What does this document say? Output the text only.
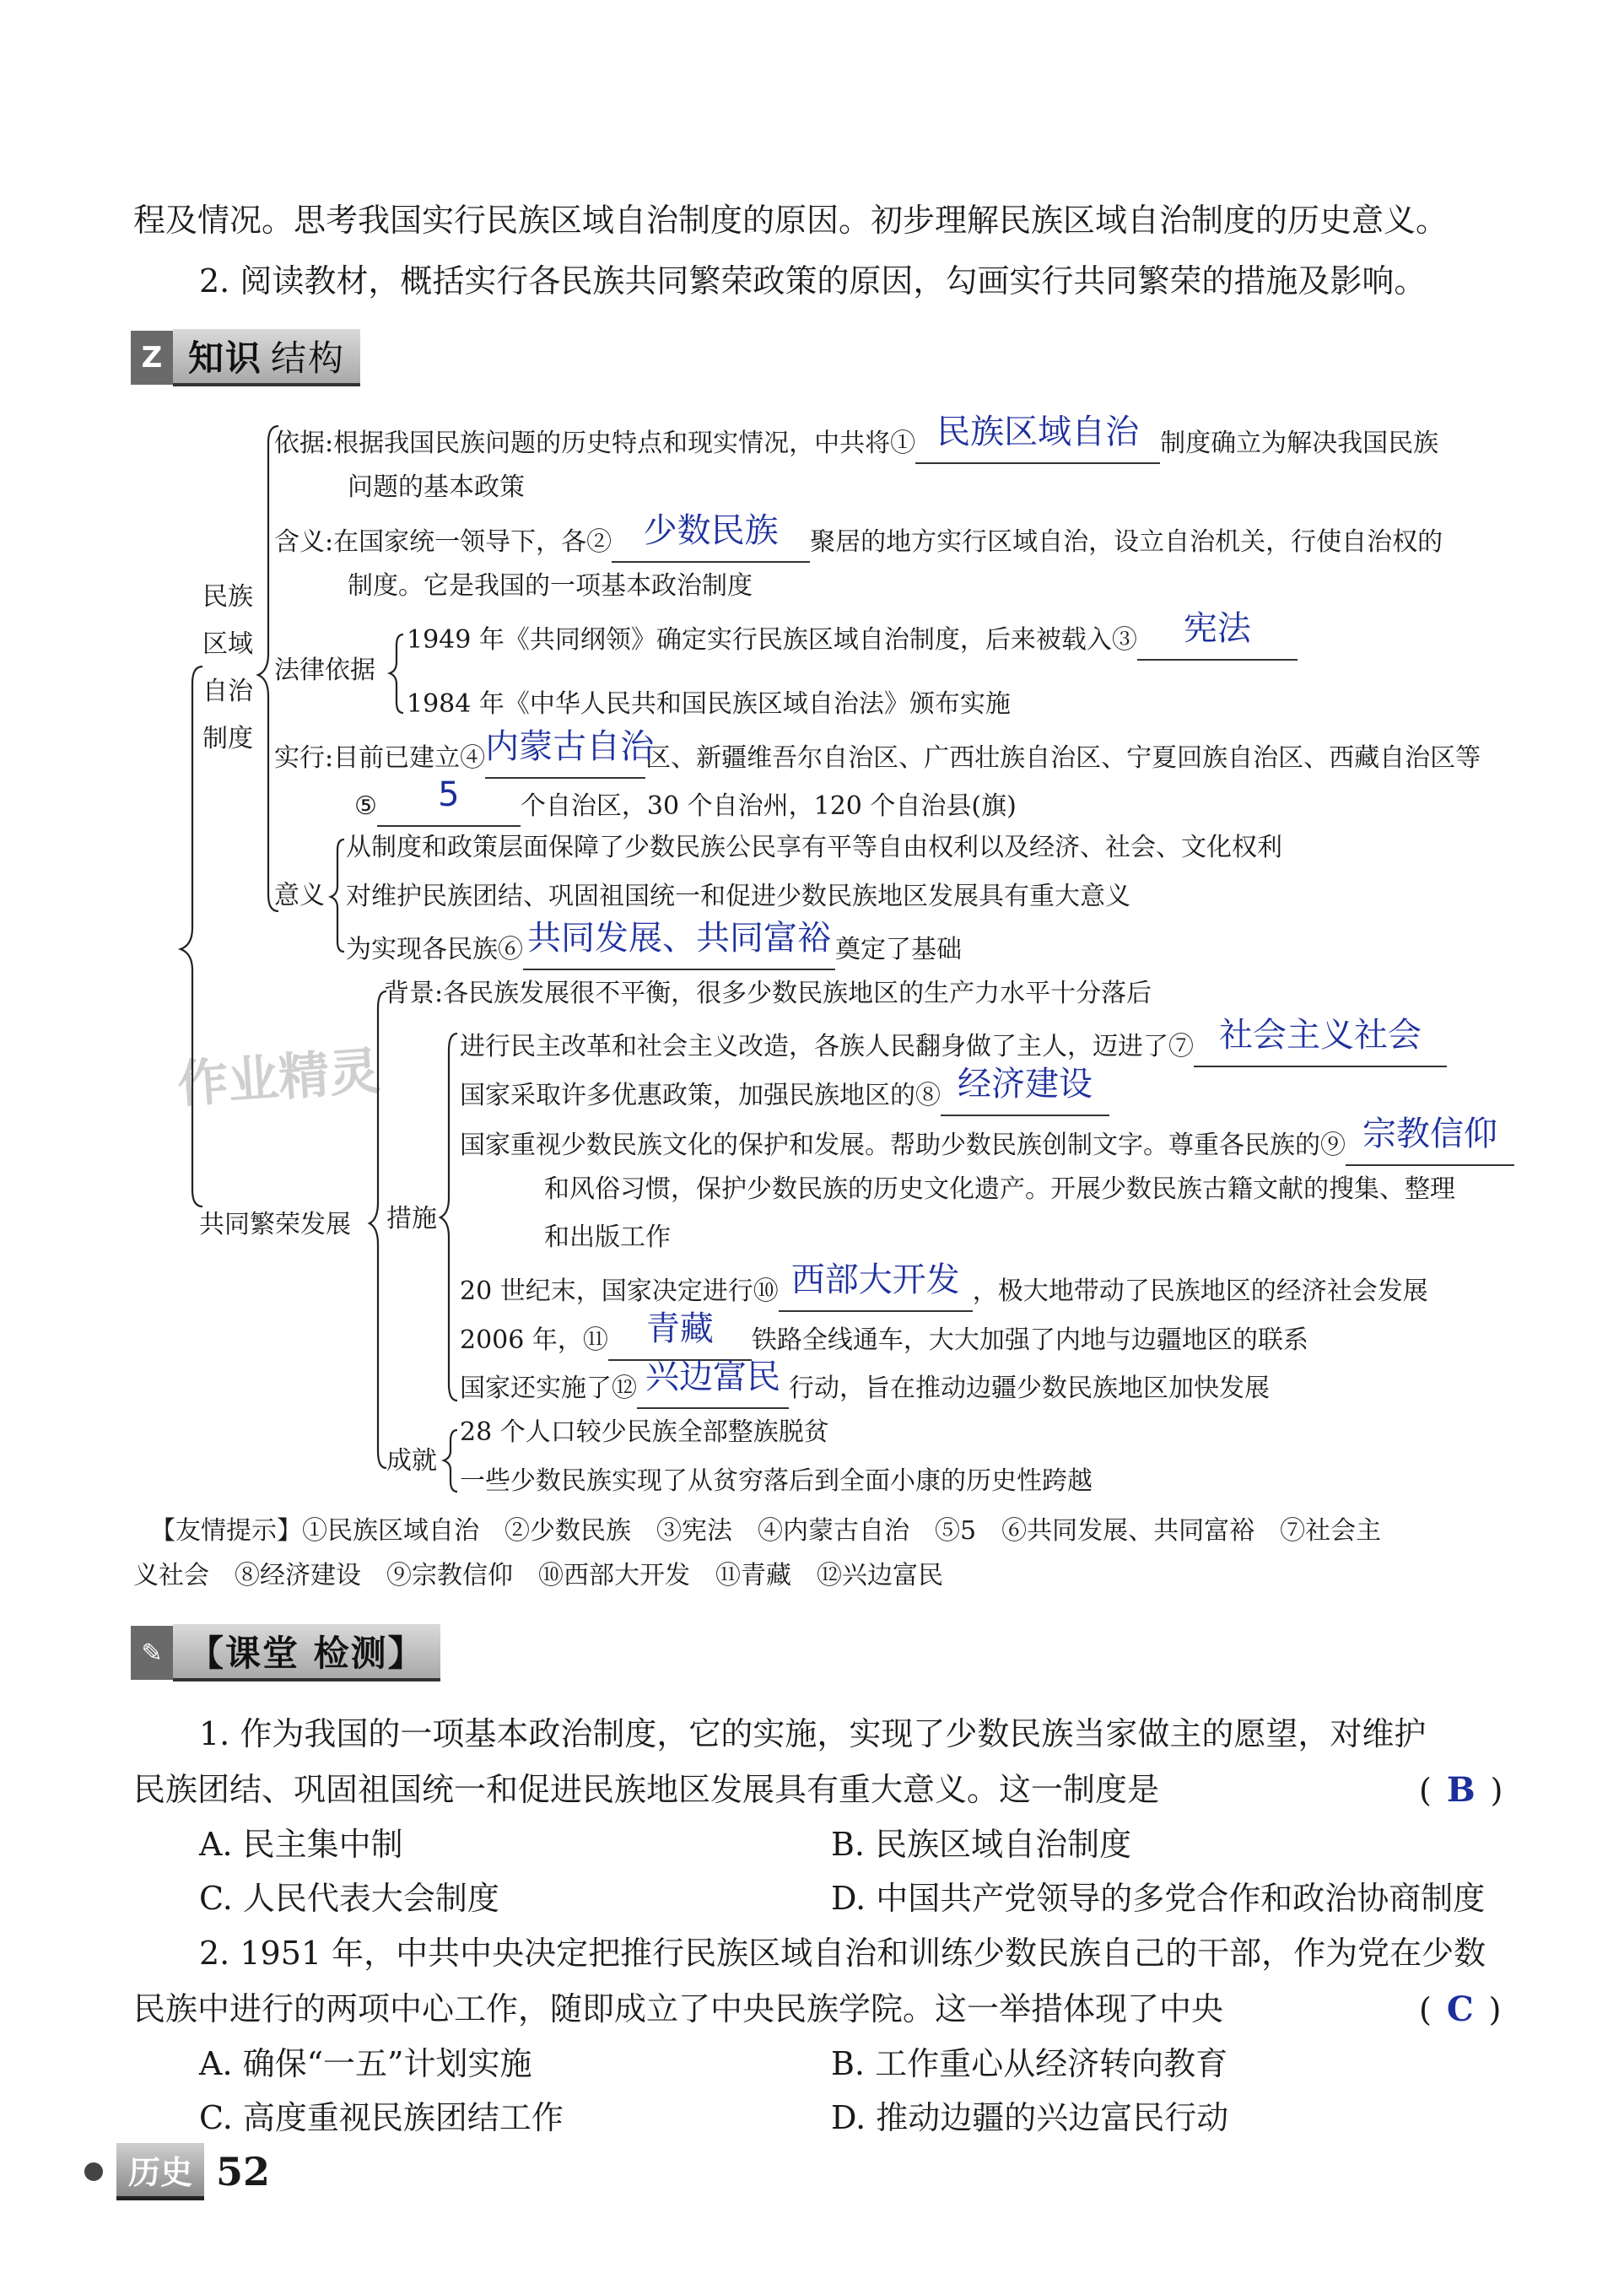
作业精灵
程及情况。思考我国实行民族区域自治制度的原因。初步理解民族区域自治制度的历史意义。
2. 阅读教材，概括实行各民族共同繁荣政策的原因，勾画实行共同繁荣的措施及影响。
Z 知识 结构
民族
区域
自治
制度
依据:根据我国民族问题的历史特点和现实情况，中共将① 民族区域自治 制度确立为解决我国民族
问题的基本政策
含义:在国家统一领导下，各② 少数民族 聚居的地方实行区域自治，设立自治机关，行使自治权的
制度。它是我国的一项基本政治制度
法律依据
1949 年《共同纲领》确定实行民族区域自治制度，后来被载入③ 宪法
1984 年《中华人民共和国民族区域自治法》颁布实施
实行:目前已建立④内蒙古自治区、新疆维吾尔自治区、广西壮族自治区、宁夏回族自治区、西藏自治区等
⑤ 5 个自治区，30 个自治州，120 个自治县(旗)
意义
从制度和政策层面保障了少数民族公民享有平等自由权利以及经济、社会、文化权利
对维护民族团结、巩固祖国统一和促进少数民族地区发展具有重大意义
为实现各民族⑥ 共同发展、共同富裕 奠定了基础
共同繁荣发展
背景:各民族发展很不平衡，很多少数民族地区的生产力水平十分落后
措施
进行民主改革和社会主义改造，各族人民翻身做了主人，迈进了⑦ 社会主义社会
国家采取许多优惠政策，加强民族地区的⑧ 经济建设
国家重视少数民族文化的保护和发展。帮助少数民族创制文字。尊重各民族的⑨ 宗教信仰
和风俗习惯，保护少数民族的历史文化遗产。开展少数民族古籍文献的搜集、整理
和出版工作
20 世纪末，国家决定进行⑩ 西部大开发 ，极大地带动了民族地区的经济社会发展
2006 年，⑪ 青藏 铁路全线通车，大大加强了内地与边疆地区的联系
国家还实施了⑫ 兴边富民 行动，旨在推动边疆少数民族地区加快发展
成就
28 个人口较少民族全部整族脱贫
一些少数民族实现了从贫穷落后到全面小康的历史性跨越
【友情提示】①民族区域自治　②少数民族　③宪法　④内蒙古自治　⑤5　⑥共同发展、共同富裕　⑦社会主
义社会　⑧经济建设　⑨宗教信仰　⑩西部大开发　⑪青藏　⑫兴边富民
✎ 【课堂 检测】
1. 作为我国的一项基本政治制度，它的实施，实现了少数民族当家做主的愿望，对维护
民族团结、巩固祖国统一和促进民族地区发展具有重大意义。这一制度是	( B )
A. 民主集中制	B. 民族区域自治制度
C. 人民代表大会制度	D. 中国共产党领导的多党合作和政治协商制度
2. 1951 年，中共中央决定把推行民族区域自治和训练少数民族自己的干部，作为党在少数
民族中进行的两项中心工作，随即成立了中央民族学院。这一举措体现了中央	( C )
A. 确保“一五”计划实施	B. 工作重心从经济转向教育
C. 高度重视民族团结工作	D. 推动边疆的兴边富民行动
历史 52
